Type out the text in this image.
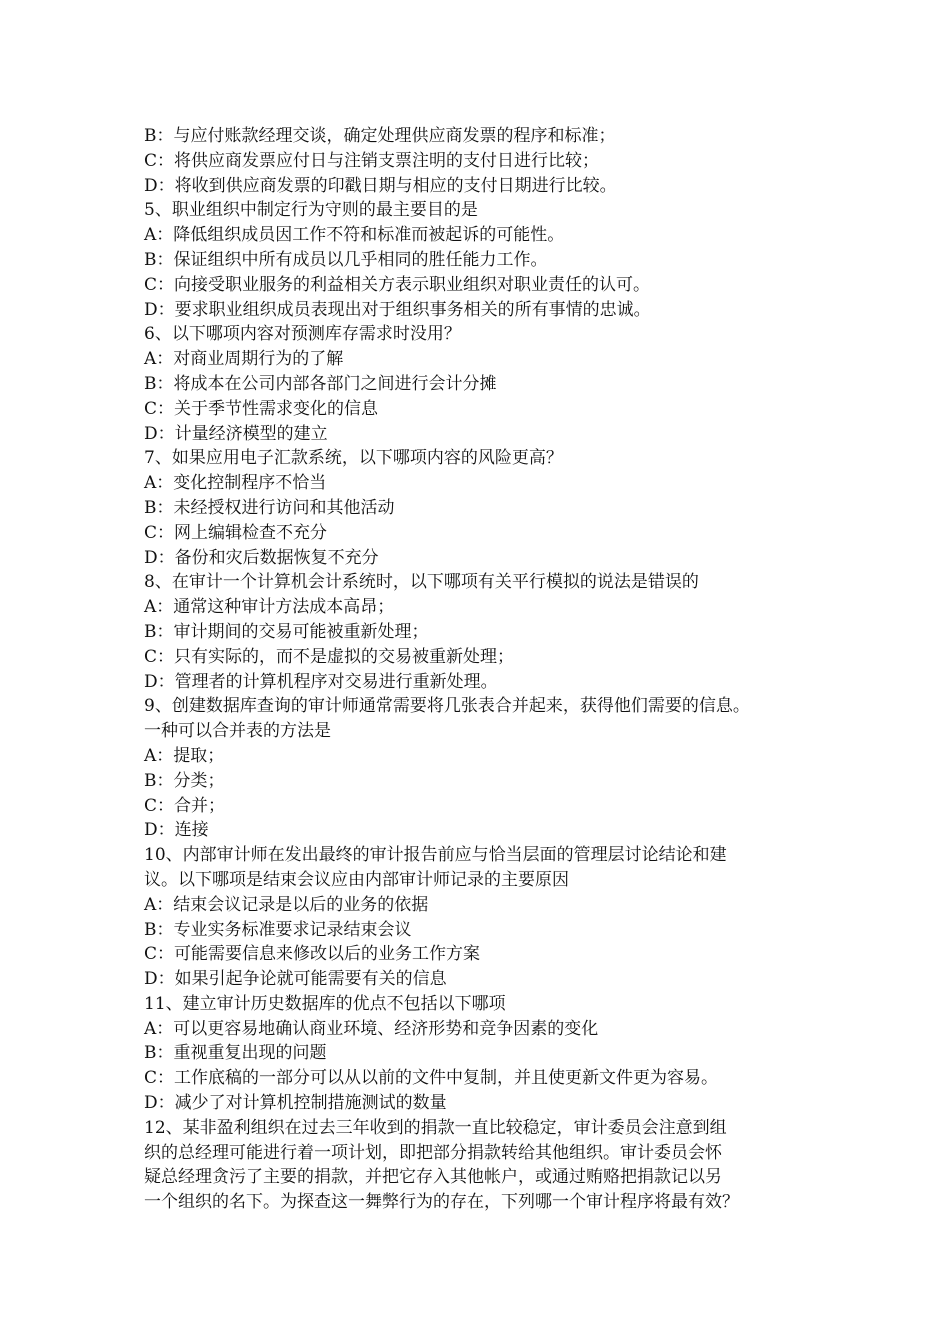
B：与应付账款经理交谈，确定处理供应商发票的程序和标准；
C：将供应商发票应付日与注销支票注明的支付日进行比较；
D：将收到供应商发票的印戳日期与相应的支付日期进行比较。
5、职业组织中制定行为守则的最主要目的是
A：降低组织成员因工作不符和标准而被起诉的可能性。
B：保证组织中所有成员以几乎相同的胜任能力工作。
C：向接受职业服务的利益相关方表示职业组织对职业责任的认可。
D：要求职业组织成员表现出对于组织事务相关的所有事情的忠诚。
6、以下哪项内容对预测库存需求时没用？
A：对商业周期行为的了解
B：将成本在公司内部各部门之间进行会计分摊
C：关于季节性需求变化的信息
D：计量经济模型的建立
7、如果应用电子汇款系统，以下哪项内容的风险更高？
A：变化控制程序不恰当
B：未经授权进行访问和其他活动
C：网上编辑检查不充分
D：备份和灾后数据恢复不充分
8、在审计一个计算机会计系统时，以下哪项有关平行模拟的说法是错误的
A：通常这种审计方法成本高昂；
B：审计期间的交易可能被重新处理；
C：只有实际的，而不是虚拟的交易被重新处理；
D：管理者的计算机程序对交易进行重新处理。
9、创建数据库查询的审计师通常需要将几张表合并起来，获得他们需要的信息。
一种可以合并表的方法是
A：提取；
B：分类；
C：合并；
D：连接
10、内部审计师在发出最终的审计报告前应与恰当层面的管理层讨论结论和建
议。以下哪项是结束会议应由内部审计师记录的主要原因
A：结束会议记录是以后的业务的依据
B：专业实务标准要求记录结束会议
C：可能需要信息来修改以后的业务工作方案
D：如果引起争论就可能需要有关的信息
11、建立审计历史数据库的优点不包括以下哪项
A：可以更容易地确认商业环境、经济形势和竞争因素的变化
B：重视重复出现的问题
C：工作底稿的一部分可以从以前的文件中复制，并且使更新文件更为容易。
D：减少了对计算机控制措施测试的数量
12、某非盈利组织在过去三年收到的捐款一直比较稳定，审计委员会注意到组
织的总经理可能进行着一项计划，即把部分捐款转给其他组织。审计委员会怀
疑总经理贪污了主要的捐款，并把它存入其他帐户，或通过贿赂把捐款记以另
一个组织的名下。为探查这一舞弊行为的存在，下列哪一个审计程序将最有效？
